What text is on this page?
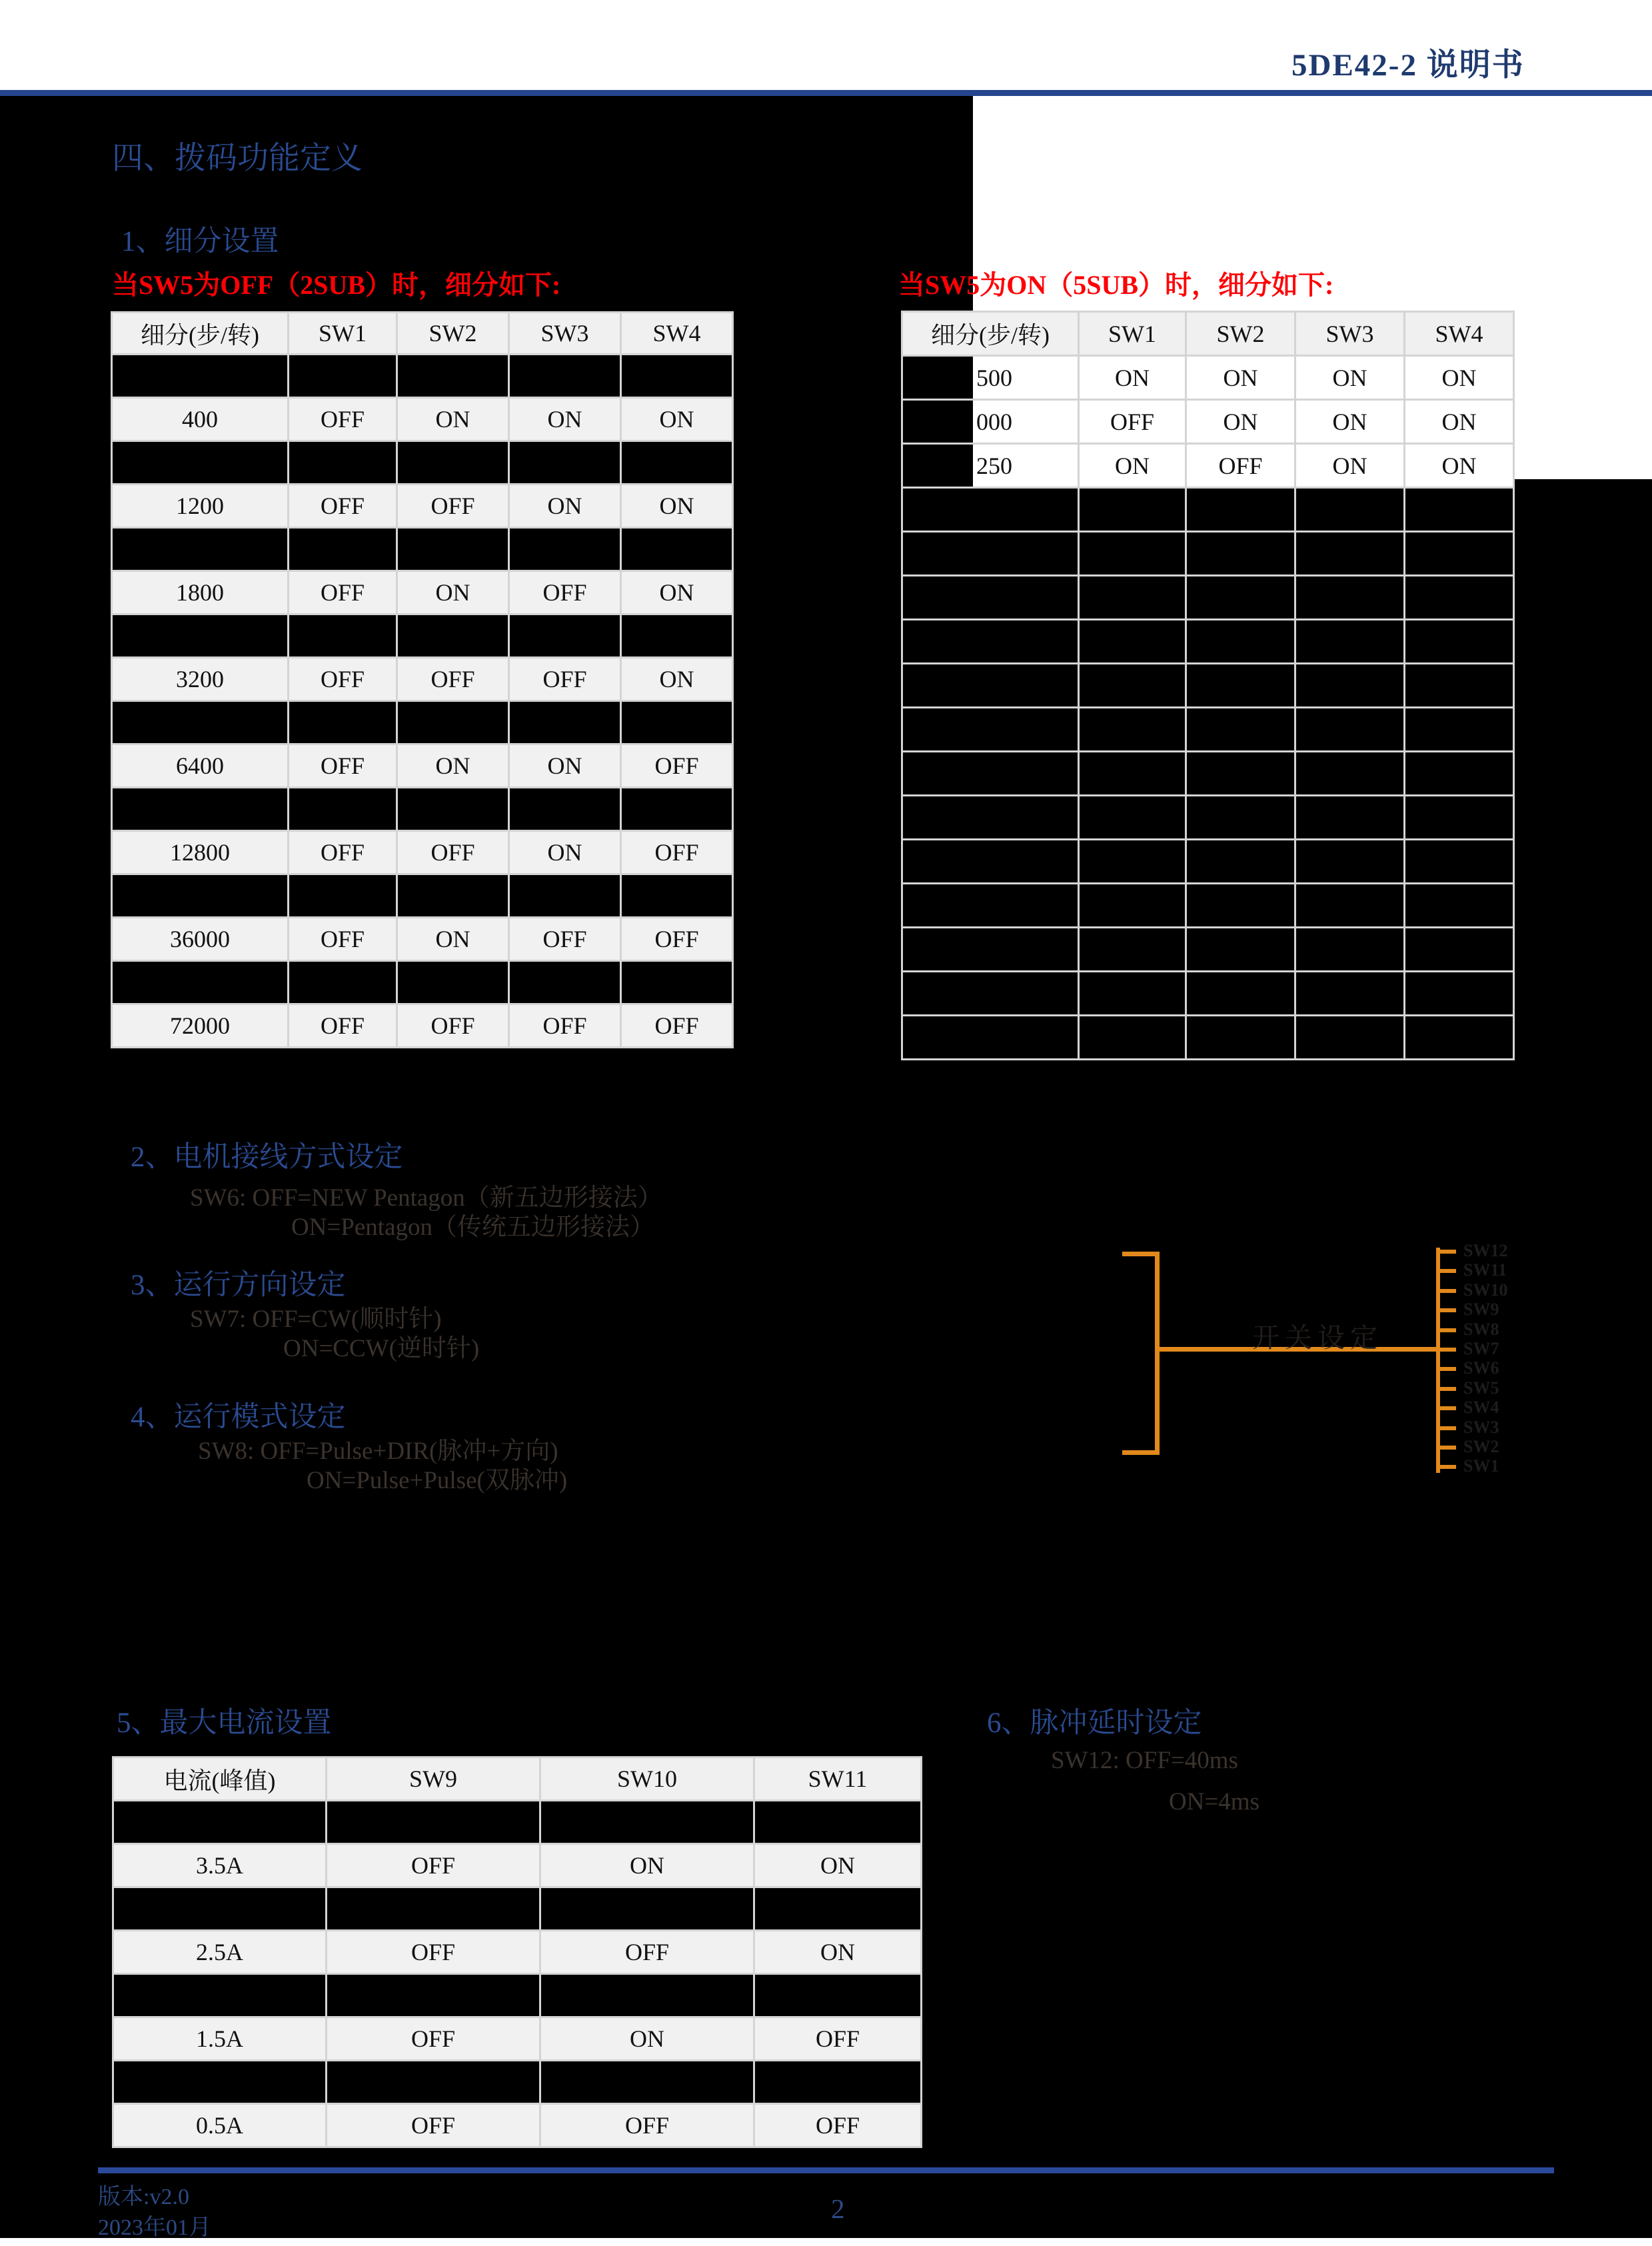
5DE42-2 说明书
四、拨码功能定义
1、细分设置
当SW5为OFF（2SUB）时，细分如下:	当SW5为ON（5SUB）时，细分如下:
细分(步/转) SW1	SW2	SW3	SW4
400	OFF	ON	ON	ON
1200	OFF	OFF	ON	ON
1800	OFF	ON	OFF	ON
3200	OFF	OFF	OFF	ON
6400	OFF	ON	ON	OFF
12800	OFF	OFF	ON	OFF
36000	OFF	ON	OFF	OFF
72000	OFF	OFF	OFF	OFF
细分(步/转) SW1	SW2	SW3	SW4
500	ON	ON	ON	ON
000	OFF	ON	ON	ON
250	ON	OFF	ON	ON
电流(峰值)	SW9	SW10	SW11
3.5A	OFF	ON	ON
2.5A	OFF	OFF	ON
1.5A	OFF	ON	OFF
0.5A	OFF	OFF	OFF
2、电机接线方式设定
SW6: OFF=NEW Pentagon（新五边形接法）
ON=Pentagon（传统五边形接法）
3、运行方向设定
SW7: OFF=CW(顺时针)
ON=CCW(逆时针)
4、运行模式设定
SW8: OFF=Pulse+DIR(脉冲+方向)
ON=Pulse+Pulse(双脉冲)
开关设定
SW12
SW11
SW10
SW9
SW8
SW7
SW6
SW5
SW4
SW3
SW2
SW1
5、最大电流设置	6、脉冲延时设定
SW12: OFF=40ms
ON=4ms
版本:v2.0
2023年01月
2
